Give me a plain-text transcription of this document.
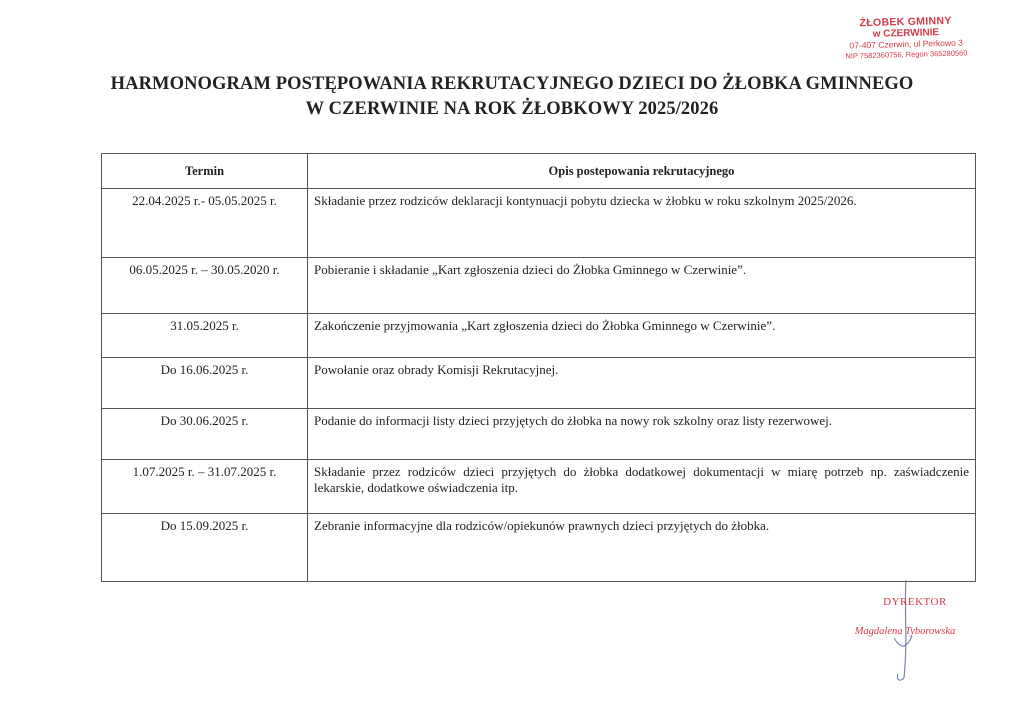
ŻŁOBEK GMINNY
w CZERWINIE
07-407 Czerwin, ul Perkowo 3
NIP 7582360756, Regon 365280560
HARMONOGRAM POSTĘPOWANIA REKRUTACYJNEGO DZIECI DO ŻŁOBKA GMINNEGO
W CZERWINIE NA ROK ŻŁOBKOWY 2025/2026
Termin	Opis postepowania rekrutacyjnego
22.04.2025 r.- 05.05.2025 r.	Składanie przez rodziców deklaracji kontynuacji pobytu dziecka w żłobku w roku szkolnym 2025/2026.
06.05.2025 r. – 30.05.2020 r.	Pobieranie i składanie „Kart zgłoszenia dzieci do Żłobka Gminnego w Czerwinie”.
31.05.2025 r.	Zakończenie przyjmowania „Kart zgłoszenia dzieci do Żłobka Gminnego w Czerwinie”.
Do 16.06.2025 r.	Powołanie oraz obrady Komisji Rekrutacyjnej.
Do 30.06.2025 r.	Podanie do informacji listy dzieci przyjętych do żłobka na nowy rok szkolny oraz listy rezerwowej.
1.07.2025 r. – 31.07.2025 r.	Składanie przez rodziców dzieci przyjętych do żłobka dodatkowej dokumentacji w miarę potrzeb np. zaświadczenie lekarskie, dodatkowe oświadczenia itp.
Do 15.09.2025 r.	Zebranie informacyjne dla rodziców/opiekunów prawnych dzieci przyjętych do żłobka.
DYREKTOR
Magdalena Tyborowska
